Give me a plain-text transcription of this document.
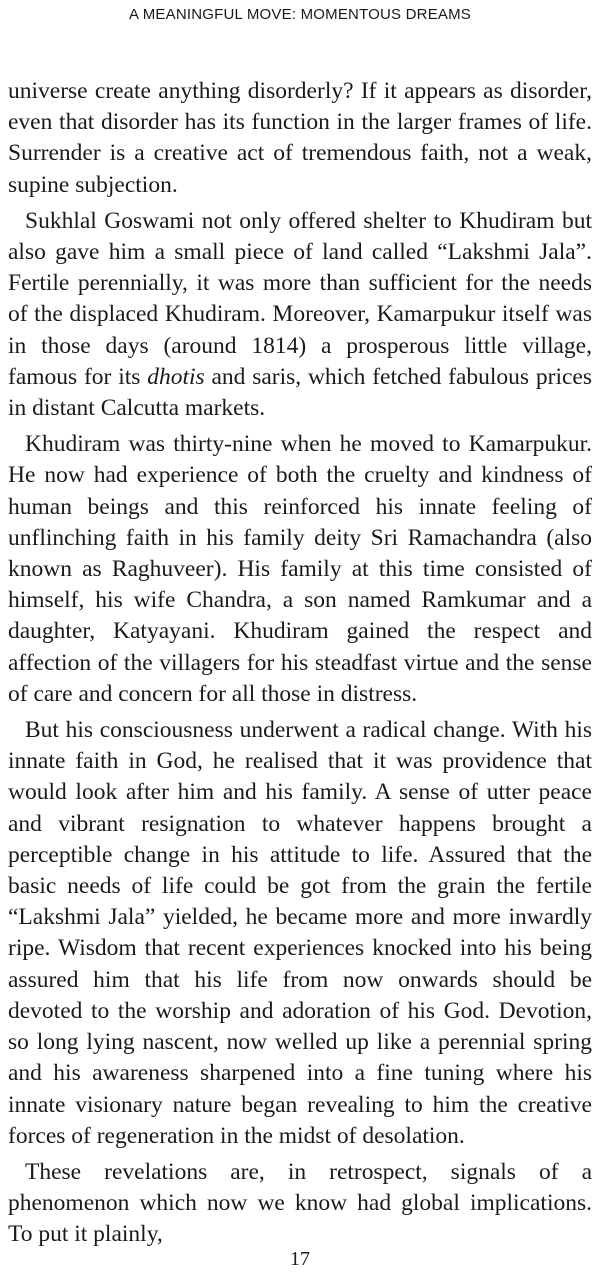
A MEANINGFUL MOVE: MOMENTOUS DREAMS

universe create anything disorderly? If it appears as disorder, even that disorder has its function in the larger frames of life. Surrender is a creative act of tremendous faith, not a weak, supine subjection.

Sukhlal Goswami not only offered shelter to Khudiram but also gave him a small piece of land called “Lakshmi Jala”. Fertile perennially, it was more than sufficient for the needs of the displaced Khudiram. Moreover, Kamarpukur itself was in those days (around 1814) a prosperous little village, famous for its dhotis and saris, which fetched fabulous prices in distant Calcutta markets.

Khudiram was thirty-nine when he moved to Kamarpukur. He now had experience of both the cruelty and kindness of human beings and this reinforced his innate feeling of unflinching faith in his family deity Sri Ramachandra (also known as Raghuveer). His family at this time consisted of himself, his wife Chandra, a son named Ramkumar and a daughter, Katyayani. Khudiram gained the respect and affection of the villagers for his steadfast virtue and the sense of care and concern for all those in distress.

But his consciousness underwent a radical change. With his innate faith in God, he realised that it was providence that would look after him and his family. A sense of utter peace and vibrant resignation to whatever happens brought a perceptible change in his attitude to life. Assured that the basic needs of life could be got from the grain the fertile “Lakshmi Jala” yielded, he became more and more inwardly ripe. Wisdom that recent experiences knocked into his being assured him that his life from now onwards should be devoted to the worship and adoration of his God. Devotion, so long lying nascent, now welled up like a perennial spring and his awareness sharpened into a fine tuning where his innate visionary nature began revealing to him the creative forces of regeneration in the midst of desolation.

These revelations are, in retrospect, signals of a phenomenon which now we know had global implications. To put it plainly,

17
